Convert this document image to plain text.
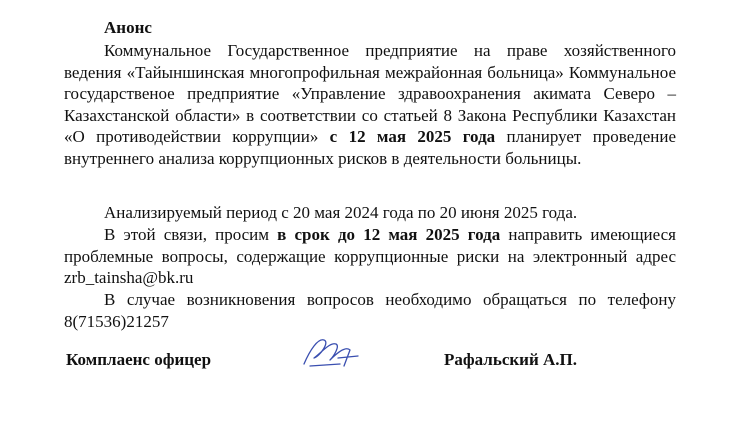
Анонс

Коммунальное Государственное предприятие на праве хозяйственного ведения «Тайыншинская многопрофильная межрайонная больница» Коммунальное государственое предприятие «Управление здравоохранения акимата Северо – Казахстанской области» в соответствии со статьей 8 Закона Республики Казахстан «О противодействии коррупции» с 12 мая 2025 года планирует проведение внутреннего анализа коррупционных рисков в деятельности больницы.

Анализируемый период с 20 мая 2024 года по 20 июня 2025 года.

В этой связи, просим в срок до 12 мая 2025 года направить имеющиеся проблемные вопросы, содержащие коррупционные риски на электронный адрес zrb_tainsha@bk.ru

В случае возникновения вопросов необходимо обращаться по телефону 8(71536)21257

Комплаенс офицер	Рафальский А.П.
